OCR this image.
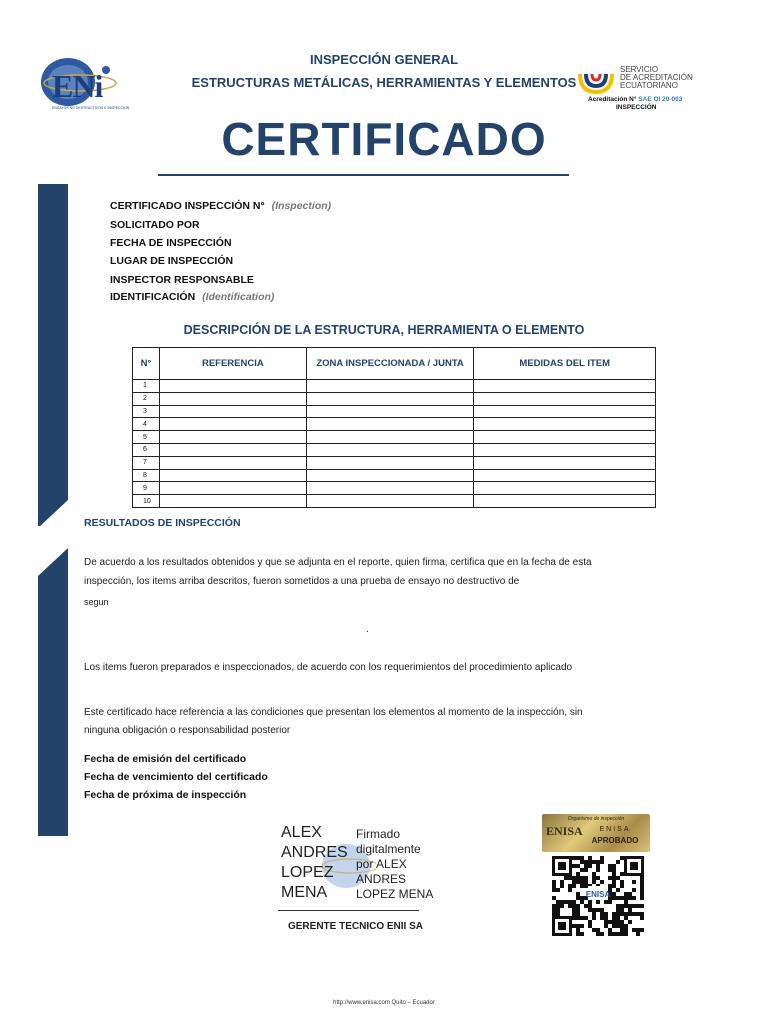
INSPECCIÓN GENERAL
ESTRUCTURAS METÁLICAS, HERRAMIENTAS Y ELEMENTOS
ENi
ENSAYOS NO DESTRUCTIVOS E INSPECCION
SERVICIO
DE ACREDITACIÓN
ECUATORIANO
Acreditación N° SAE OI 20-003
INSPECCIÓN
CERTIFICADO
CERTIFICADO INSPECCIÓN N° (Inspection)
SOLICITADO POR
FECHA DE INSPECCIÓN
LUGAR DE INSPECCIÓN
INSPECTOR RESPONSABLE
IDENTIFICACIÓN (Identification)
DESCRIPCIÓN DE LA ESTRUCTURA, HERRAMIENTA O ELEMENTO
N°	REFERENCIA	ZONA INSPECCIONADA / JUNTA	MEDIDAS DEL ITEM
1			
2			
3			
4			
5			
6			
7			
8			
9			
10			
RESULTADOS DE INSPECCIÓN
De acuerdo a los resultados obtenidos y que se adjunta en el reporte, quien firma, certifica que en la fecha de esta
inspección, los items arriba descritos, fueron sometidos a una prueba de ensayo no destructivo de
segun
.
Los items fueron preparados e inspeccionados, de acuerdo con los requerimientos del procedimiento aplicado
Este certificado hace referencia a las condiciones que presentan los elementos al momento de la inspección, sin
ninguna obligación o responsabilidad posterior
Fecha de emisión del certificado
Fecha de vencimiento del certificado
Fecha de próxima de inspección
ALEX
ANDRES
LOPEZ
MENA
Firmado
digitalmente
por ALEX
ANDRES
LOPEZ MENA
GERENTE TECNICO ENII SA
Organismo de inspección
ENISA	ENISA
APROBADO
ENISA
http://www.enisa.com Quito – Ecuador
